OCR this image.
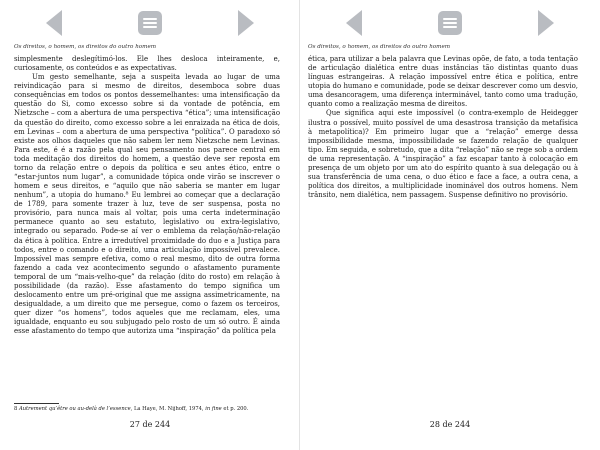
Os direitos, o homem, os direitos do outro homem

simplesmente deslegítimó-los. Ele lhes desloca inteiramente, e, curiosamente, os conteúdos e as expectativas.

Um gesto semelhante, seja a suspeita levada ao lugar de uma reivindicação para si mesmo de direitos, desemboca sobre duas consequências em todos os pontos dessemelhantes: uma intensificação da questão do Si, como excesso sobre si da vontade de potência, em Nietzsche – com a abertura de uma perspectiva “ética”; uma intensificação da questão do direito, como excesso sobre a lei enraizada na ética de dois, em Levinas – com a abertura de uma perspectiva “política”. O paradoxo só existe aos olhos daqueles que não sabem ler nem Nietzsche nem Levinas. Para este, é é a razão pela qual seu pensamento nos parece central em toda meditação dos direitos do homem, a questão deve ser reposta em torno da relação entre o depois da política e seu antes ético, entre o “estar-juntos num lugar”, a comunidade tópica onde virão se inscrever o homem e seus direitos, e “aquilo que não saberia se manter em lugar nenhum”, a utopia do humano.⁸ Eu lembrei ao começar que a declaração de 1789, para somente trazer à luz, teve de ser suspensa, posta no provisório, para nunca mais al voltar, pois uma certa indeterminação permanece quanto ao seu estatuto, legislativo ou extra-legislativo, integrado ou separado. Pode-se aí ver o emblema da relação/não-relação da ética à política. Entre a irredutível proximidade do duo e a Justiça para todos, entre o comando e o direito, uma articulação impossível prevalece. Impossível mas sempre efetiva, como o real mesmo, dito de outra forma fazendo a cada vez acontecimento segundo o afastamento puramente temporal de um “mais-velho-que” da relação (dito do rosto) em relação à possibilidade (da razão). Esse afastamento do tempo significa um deslocamento entre um pré-original que me assigna assimetricamente, na desigualdade, a um direito que me persegue, como o fazem os terceiros, quer dizer “os homens”, todos aqueles que me reclamam, eles, uma igualdade, enquanto eu sou subjugado pelo rosto de um só outro. É ainda esse afastamento do tempo que autoriza uma “inspiração” da política pela

8 Autrement qu’être ou au-delà de l’essence, La Haye, M. Nijhoff, 1974, in fine et p. 200.
27 de 244
Os direitos, o homem, os direitos do outro homem

ética, para utilizar a bela palavra que Levinas opõe, de fato, a toda tentação de articulação dialética entre duas instâncias tão distintas quanto duas línguas estrangeiras. A relação impossível entre ética e política, entre utopia do humano e comunidade, pode se deixar descrever como um desvio, uma desancoragem, uma diferença interminável, tanto como uma tradução, quanto como a realização mesma de direitos.

Que significa aqui este impossível (o contra-exemplo de Heidegger ilustra o possível, muito possível de uma desastrosa transição da metafísica à metapolítica)? Em primeiro lugar que a “relação” emerge dessa impossibilidade mesma, impossibilidade se fazendo relação de qualquer tipo. Em seguida, e sobretudo, que a dita “relação” não se rege sob a ordem de uma representação. A “inspiração” a faz escapar tanto à colocação em presença de um objeto por um ato do espírito quanto à sua delegação ou à sua transferência de uma cena, o duo ético e face a face, a outra cena, a política dos direitos, a multiplicidade inominável dos outros homens. Nem trânsito, nem dialética, nem passagem. Suspense definitivo no provisório.

28 de 244
